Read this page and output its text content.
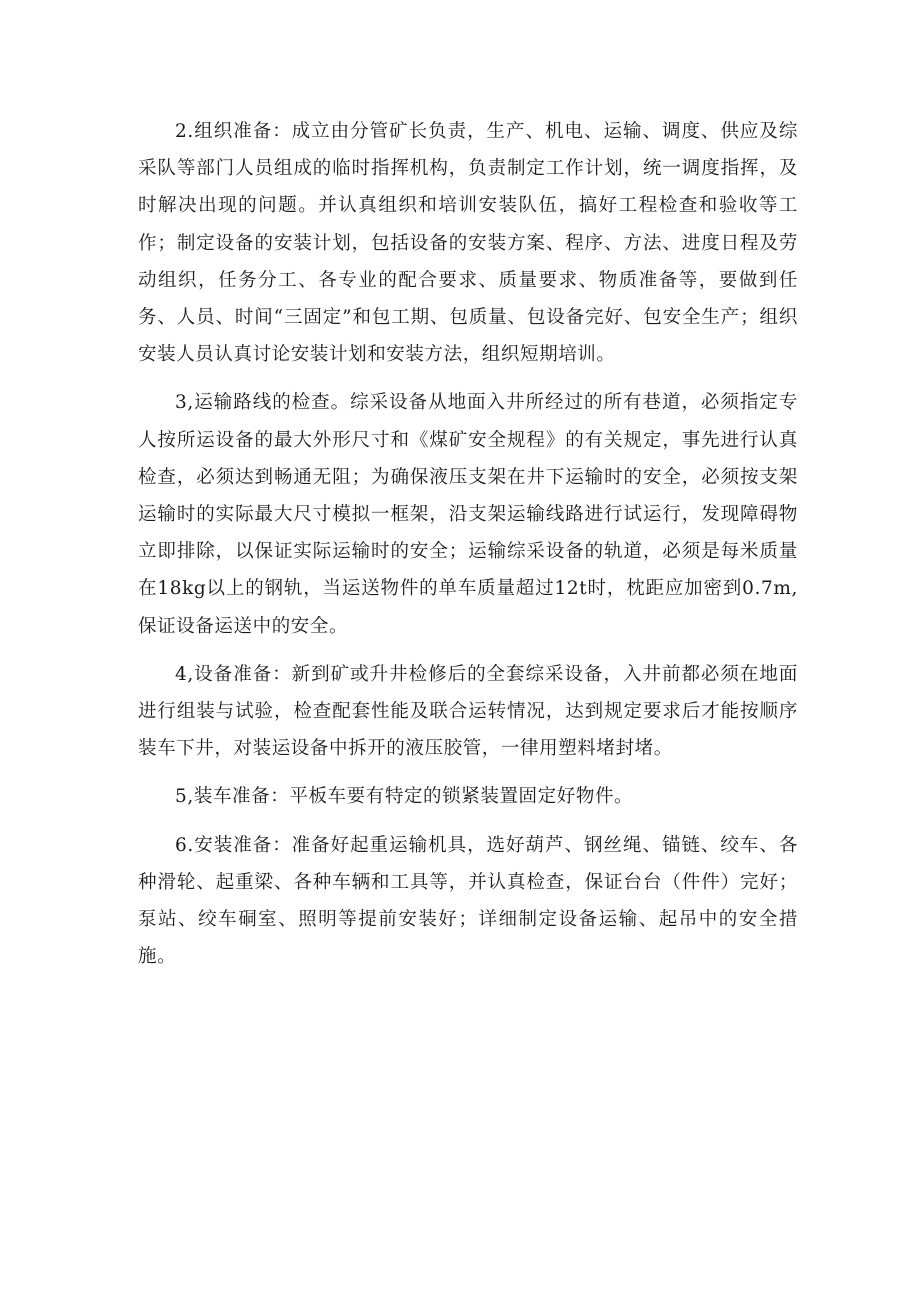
2.组织准备：成立由分管矿长负责，生产、机电、运输、调度、供应及综采队等部门人员组成的临时指挥机构，负责制定工作计划，统一调度指挥，及时解决出现的问题。并认真组织和培训安装队伍，搞好工程检查和验收等工作；制定设备的安装计划，包括设备的安装方案、程序、方法、进度日程及劳动组织，任务分工、各专业的配合要求、质量要求、物质准备等，要做到任务、人员、时间“三固定”和包工期、包质量、包设备完好、包安全生产；组织安装人员认真讨论安装计划和安装方法，组织短期培训。

3,运输路线的检查。综采设备从地面入井所经过的所有巷道，必须指定专人按所运设备的最大外形尺寸和《煤矿安全规程》的有关规定，事先进行认真检查，必须达到畅通无阻；为确保液压支架在井下运输时的安全，必须按支架运输时的实际最大尺寸模拟一框架，沿支架运输线路进行试运行，发现障碍物立即排除，以保证实际运输时的安全；运输综采设备的轨道，必须是每米质量在18kg以上的钢轨，当运送物件的单车质量超过12t时，枕距应加密到0.7m,保证设备运送中的安全。

4,设备准备：新到矿或升井检修后的全套综采设备，入井前都必须在地面进行组装与试验，检查配套性能及联合运转情况，达到规定要求后才能按顺序装车下井，对装运设备中拆开的液压胶管，一律用塑料堵封堵。

5,装车准备：平板车要有特定的锁紧装置固定好物件。

6.安装准备：准备好起重运输机具，选好葫芦、钢丝绳、锚链、绞车、各种滑轮、起重梁、各种车辆和工具等，并认真检查，保证台台（件件）完好；泵站、绞车硐室、照明等提前安装好；详细制定设备运输、起吊中的安全措施。
